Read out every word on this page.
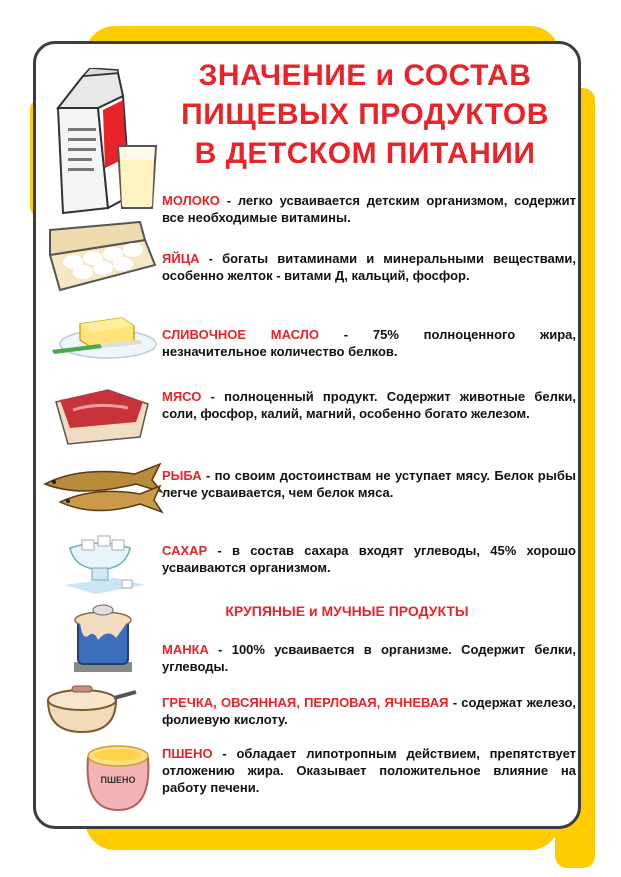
ЗНАЧЕНИЕ и СОСТАВ
ПИЩЕВЫХ ПРОДУКТОВ
В ДЕТСКОМ ПИТАНИИ
ПШЕНО

МОЛОКО - легко усваивается детским организмом, содержит все необходимые витамины.

ЯЙЦА - богаты витаминами и минеральными веществами, особенно желток - витами Д, кальций, фосфор.

СЛИВОЧНОЕ МАСЛО - 75% полноценного жира, незначительное количество белков.

МЯСО - полноценный продукт. Содержит животные белки, соли, фосфор, калий, магний, особенно богато железом.

РЫБА - по своим достоинствам не уступает мясу. Белок рыбы легче усваивается, чем белок мяса.

САХАР - в состав сахара входят углеводы, 45% хорошо усваиваются организмом.

КРУПЯНЫЕ и МУЧНЫЕ ПРОДУКТЫ

МАНКА - 100% усваивается в организме. Содержит белки, углеводы.

ГРЕЧКА, ОВСЯННАЯ, ПЕРЛОВАЯ, ЯЧНЕВАЯ - содержат железо, фолиевую кислоту.

ПШЕНО - обладает липотропным действием, препятствует отложению жира. Оказывает положительное влияние на работу печени.
